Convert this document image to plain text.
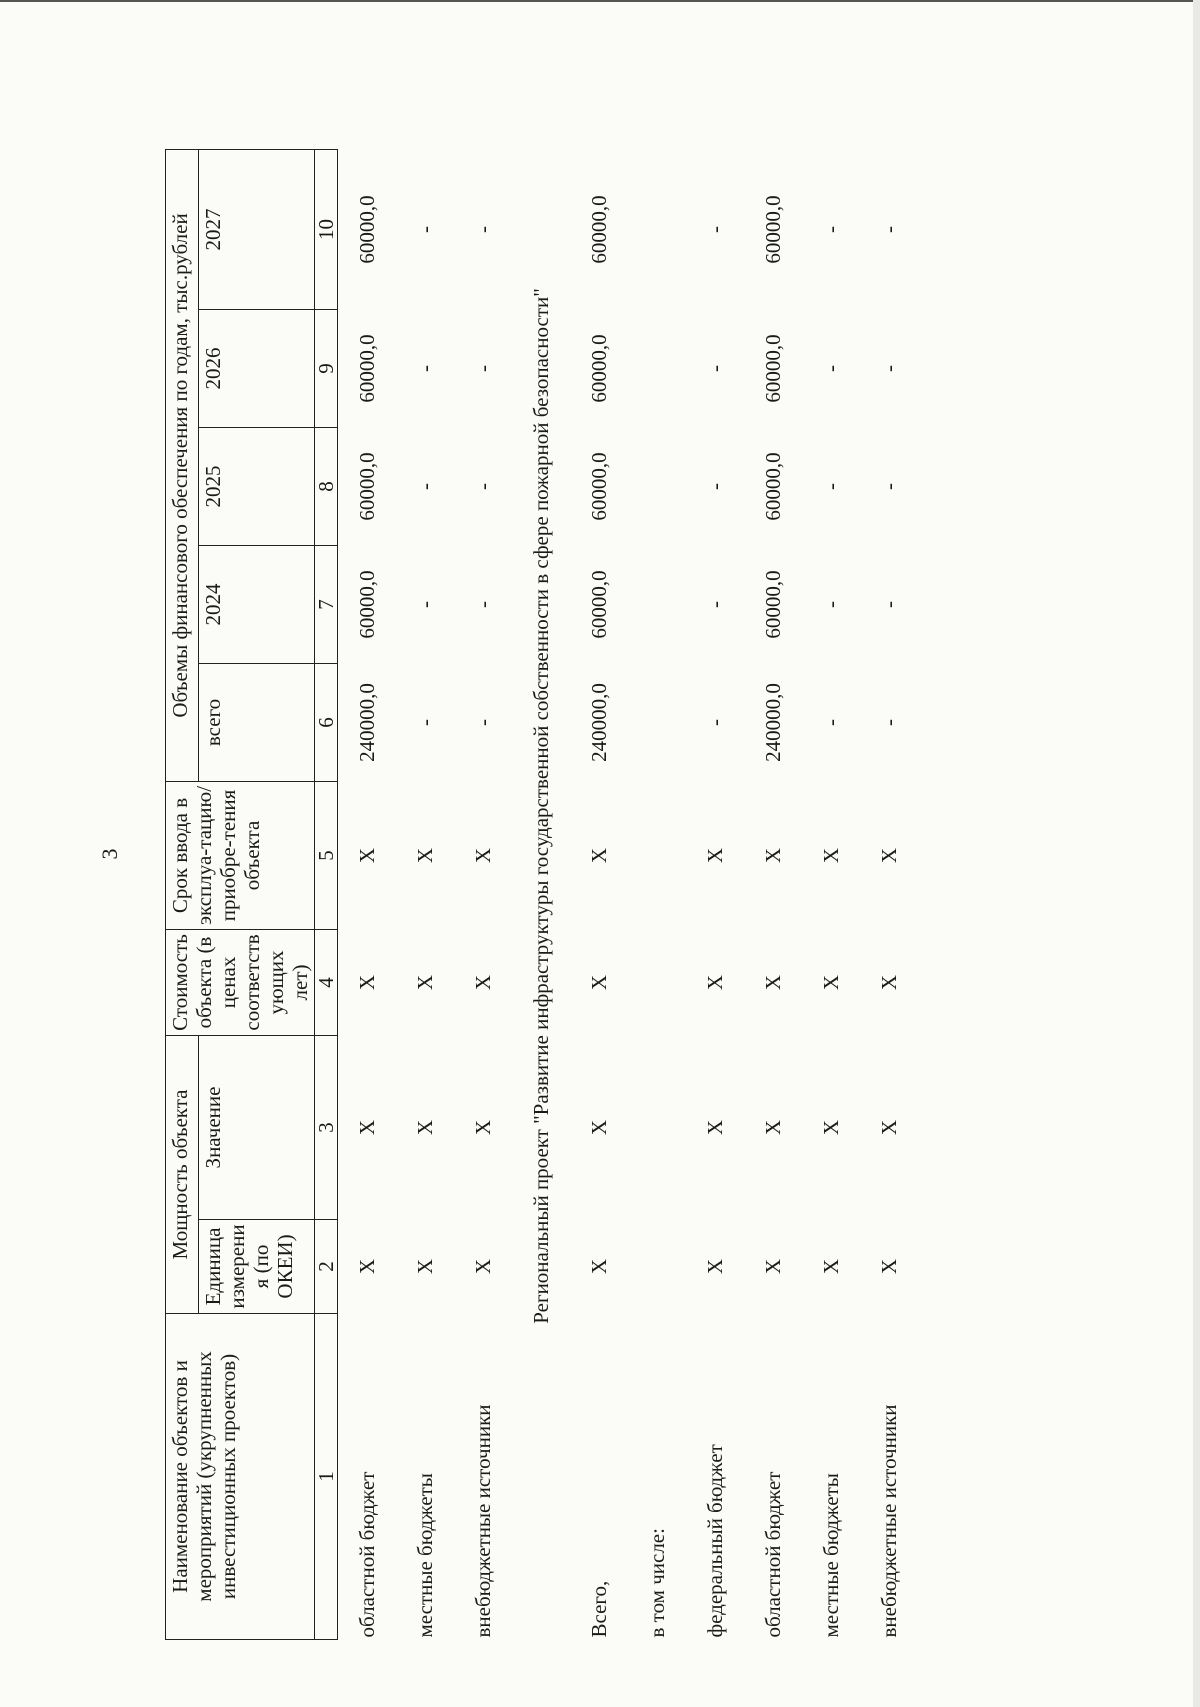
3
Наименование объектов и мероприятий (укрупненных инвестиционных проектов)	Мощность объекта		Стоимость объекта (в ценах соответствующих лет)	Срок ввода в эксплуа-тацию/ приобре-тения объекта	Объемы финансового обеспечения по годам, тыс.рублей				
	Единица измерения (по ОКЕИ)	Значение			всего	2024	2025	2026	2027
1	2	3	4	5	6	7	8	9	10
областной бюджет	X	X	X	X	240000,0	60000,0	60000,0	60000,0	60000,0
местные бюджеты	X	X	X	X	-	-	-	-	-
внебюджетные источники	X	X	X	X	-	-	-	-	-
Региональный проект "Развитие инфраструктуры государственной собственности в сфере пожарной безопасности"									
Всего,	X	X	X	X	240000,0	60000,0	60000,0	60000,0	60000,0
в том числе:									
федеральный бюджет	X	X	X	X	-	-	-	-	-
областной бюджет	X	X	X	X	240000,0	60000,0	60000,0	60000,0	60000,0
местные бюджеты	X	X	X	X	-	-	-	-	-
внебюджетные источники	X	X	X	X	-	-	-	-	-
